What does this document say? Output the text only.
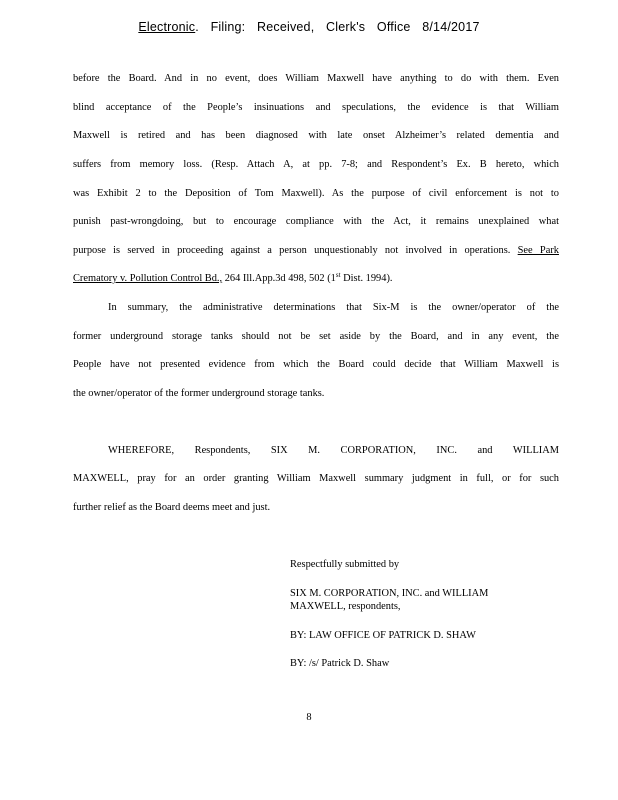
Electronic. Filing: Received, Clerk's Office 8/14/2017
before the Board. And in no event, does William Maxwell have anything to do with them. Even
blind acceptance of the People’s insinuations and speculations, the evidence is that William
Maxwell is retired and has been diagnosed with late onset Alzheimer’s related dementia and
suffers from memory loss. (Resp. Attach A, at pp. 7-8; and Respondent’s Ex. B hereto, which
was Exhibit 2 to the Deposition of Tom Maxwell). As the purpose of civil enforcement is not to
punish past-wrongdoing, but to encourage compliance with the Act, it remains unexplained what
purpose is served in proceeding against a person unquestionably not involved in operations. See Park
Crematory v. Pollution Control Bd., 264 Ill.App.3d 498, 502 (1st Dist. 1994).
In summary, the administrative determinations that Six-M is the owner/operator of the
former underground storage tanks should not be set aside by the Board, and in any event, the
People have not presented evidence from which the Board could decide that William Maxwell is
the owner/operator of the former underground storage tanks.
WHEREFORE, Respondents, SIX M. CORPORATION, INC. and WILLIAM
MAXWELL, pray for an order granting William Maxwell summary judgment in full, or for such
further relief as the Board deems meet and just.
Respectfully submitted by
SIX M. CORPORATION, INC. and WILLIAM
MAXWELL, respondents,
BY: LAW OFFICE OF PATRICK D. SHAW
BY: /s/ Patrick D. Shaw
8
